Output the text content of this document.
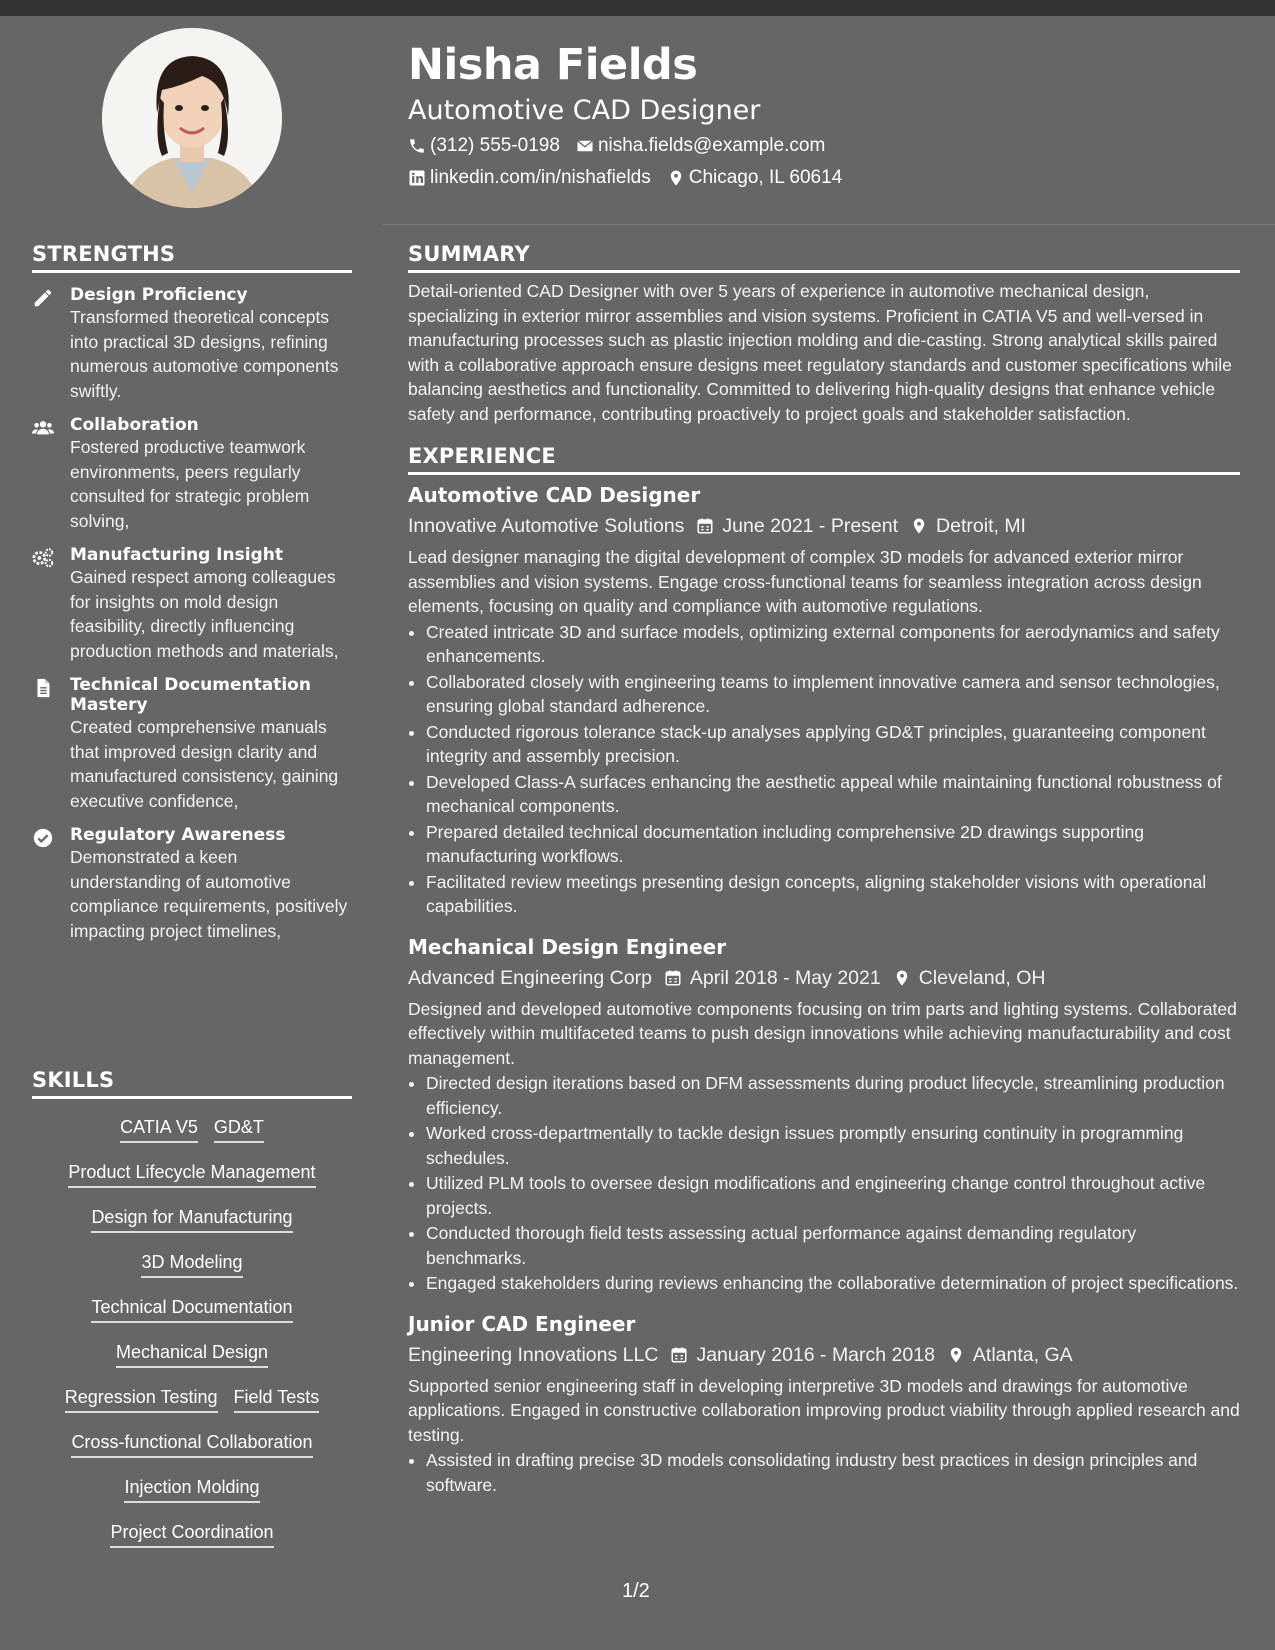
STRENGTHS
Design Proficiency
Transformed theoretical concepts into practical 3D designs, refining numerous automotive components swiftly.
Collaboration
Fostered productive teamwork environments, peers regularly consulted for strategic problem solving,
Manufacturing Insight
Gained respect among colleagues for insights on mold design feasibility, directly influencing production methods and materials,
Technical Documentation Mastery
Created comprehensive manuals that improved design clarity and manufactured consistency, gaining executive confidence,
Regulatory Awareness
Demonstrated a keen understanding of automotive compliance requirements, positively impacting project timelines,
SKILLS
CATIA V5 GD&T
Product Lifecycle Management
Design for Manufacturing
3D Modeling
Technical Documentation
Mechanical Design
Regression Testing Field Tests
Cross-functional Collaboration
Injection Molding
Project Coordination
Nisha Fields
Automotive CAD Designer
(312) 555-0198 nisha.fields@example.com
linkedin.com/in/nishafields Chicago, IL 60614
SUMMARY

Detail-oriented CAD Designer with over 5 years of experience in automotive mechanical design, specializing in exterior mirror assemblies and vision systems. Proficient in CATIA V5 and well-versed in manufacturing processes such as plastic injection molding and die-casting. Strong analytical skills paired with a collaborative approach ensure designs meet regulatory standards and customer specifications while balancing aesthetics and functionality. Committed to delivering high-quality designs that enhance vehicle safety and performance, contributing proactively to project goals and stakeholder satisfaction.

EXPERIENCE
Automotive CAD Designer
Innovative Automotive Solutions June 2021 - Present Detroit, MI

Lead designer managing the digital development of complex 3D models for advanced exterior mirror assemblies and vision systems. Engage cross-functional teams for seamless integration across design elements, focusing on quality and compliance with automotive regulations.

• Created intricate 3D and surface models, optimizing external components for aerodynamics and safety enhancements.
• Collaborated closely with engineering teams to implement innovative camera and sensor technologies, ensuring global standard adherence.
• Conducted rigorous tolerance stack-up analyses applying GD&T principles, guaranteeing component integrity and assembly precision.
• Developed Class-A surfaces enhancing the aesthetic appeal while maintaining functional robustness of mechanical components.
• Prepared detailed technical documentation including comprehensive 2D drawings supporting manufacturing workflows.
• Facilitated review meetings presenting design concepts, aligning stakeholder visions with operational capabilities.
Mechanical Design Engineer
Advanced Engineering Corp April 2018 - May 2021 Cleveland, OH

Designed and developed automotive components focusing on trim parts and lighting systems. Collaborated effectively within multifaceted teams to push design innovations while achieving manufacturability and cost management.

• Directed design iterations based on DFM assessments during product lifecycle, streamlining production efficiency.
• Worked cross-departmentally to tackle design issues promptly ensuring continuity in programming schedules.
• Utilized PLM tools to oversee design modifications and engineering change control throughout active projects.
• Conducted thorough field tests assessing actual performance against demanding regulatory benchmarks.
• Engaged stakeholders during reviews enhancing the collaborative determination of project specifications.
Junior CAD Engineer
Engineering Innovations LLC January 2016 - March 2018 Atlanta, GA

Supported senior engineering staff in developing interpretive 3D models and drawings for automotive applications. Engaged in constructive collaboration improving product viability through applied research and testing.

• Assisted in drafting precise 3D models consolidating industry best practices in design principles and software.
1/2
